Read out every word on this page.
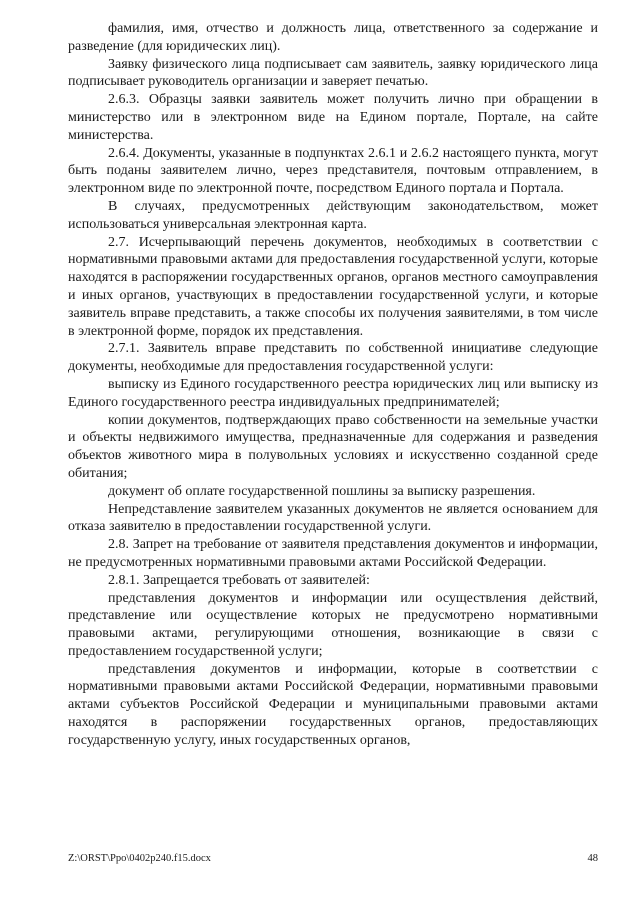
фамилия, имя, отчество и должность лица, ответственного за содержание и разведение (для юридических лиц).

Заявку физического лица подписывает сам заявитель, заявку юридического лица подписывает руководитель организации и заверяет печатью.

2.6.3. Образцы заявки заявитель может получить лично при обращении в министерство или в электронном виде на Едином портале, Портале, на сайте министерства.

2.6.4. Документы, указанные в подпунктах 2.6.1 и 2.6.2 настоящего пункта, могут быть поданы заявителем лично, через представителя, почтовым отправлением, в электронном виде по электронной почте, посредством Единого портала и Портала.

В случаях, предусмотренных действующим законодательством, может использоваться универсальная электронная карта.

2.7. Исчерпывающий перечень документов, необходимых в соответствии с нормативными правовыми актами для предоставления государственной услуги, которые находятся в распоряжении государственных органов, органов местного самоуправления и иных органов, участвующих в предоставлении государственной услуги, и которые заявитель вправе представить, а также способы их получения заявителями, в том числе в электронной форме, порядок их представления.

2.7.1. Заявитель вправе представить по собственной инициативе следующие документы, необходимые для предоставления государственной услуги:

выписку из Единого государственного реестра юридических лиц или выписку из Единого государственного реестра индивидуальных предпринимателей;

копии документов, подтверждающих право собственности на земельные участки и объекты недвижимого имущества, предназначенные для содержания и разведения объектов животного мира в полувольных условиях и искусственно созданной среде обитания;

документ об оплате государственной пошлины за выписку разрешения.

Непредставление заявителем указанных документов не является основанием для отказа заявителю в предоставлении государственной услуги.

2.8. Запрет на требование от заявителя представления документов и информации, не предусмотренных нормативными правовыми актами Российской Федерации.

2.8.1. Запрещается требовать от заявителей:

представления документов и информации или осуществления действий, представление или осуществление которых не предусмотрено нормативными правовыми актами, регулирующими отношения, возникающие в связи с предоставлением государственной услуги;

представления документов и информации, которые в соответствии с нормативными правовыми актами Российской Федерации, нормативными правовыми актами субъектов Российской Федерации и муниципальными правовыми актами находятся в распоряжении государственных органов, предоставляющих государственную услугу, иных государственных органов,

Z:\ORST\Ppo\0402p240.f15.docx	48
